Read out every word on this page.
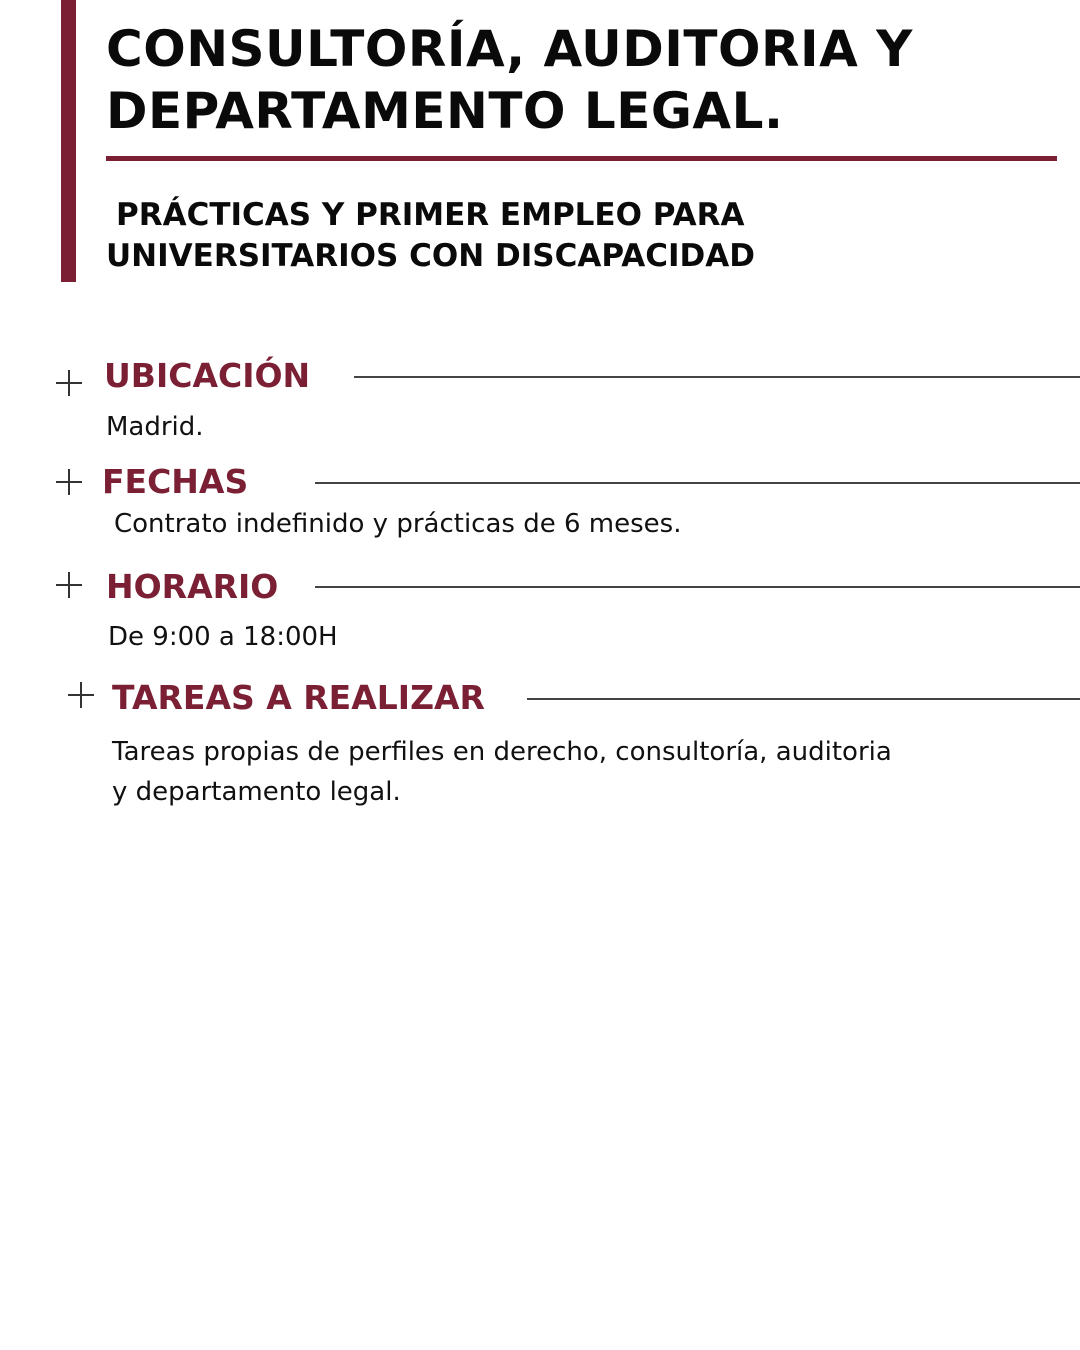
CONSULTORÍA, AUDITORIA Y
DEPARTAMENTO LEGAL.
PRÁCTICAS Y PRIMER EMPLEO PARA
UNIVERSITARIOS CON DISCAPACIDAD
UBICACIÓN

Madrid.

FECHAS

Contrato indefinido y prácticas de 6 meses.

HORARIO

De 9:00 a 18:00H

TAREAS A REALIZAR

Tareas propias de perfiles en derecho, consultoría, auditoria
y departamento legal.
